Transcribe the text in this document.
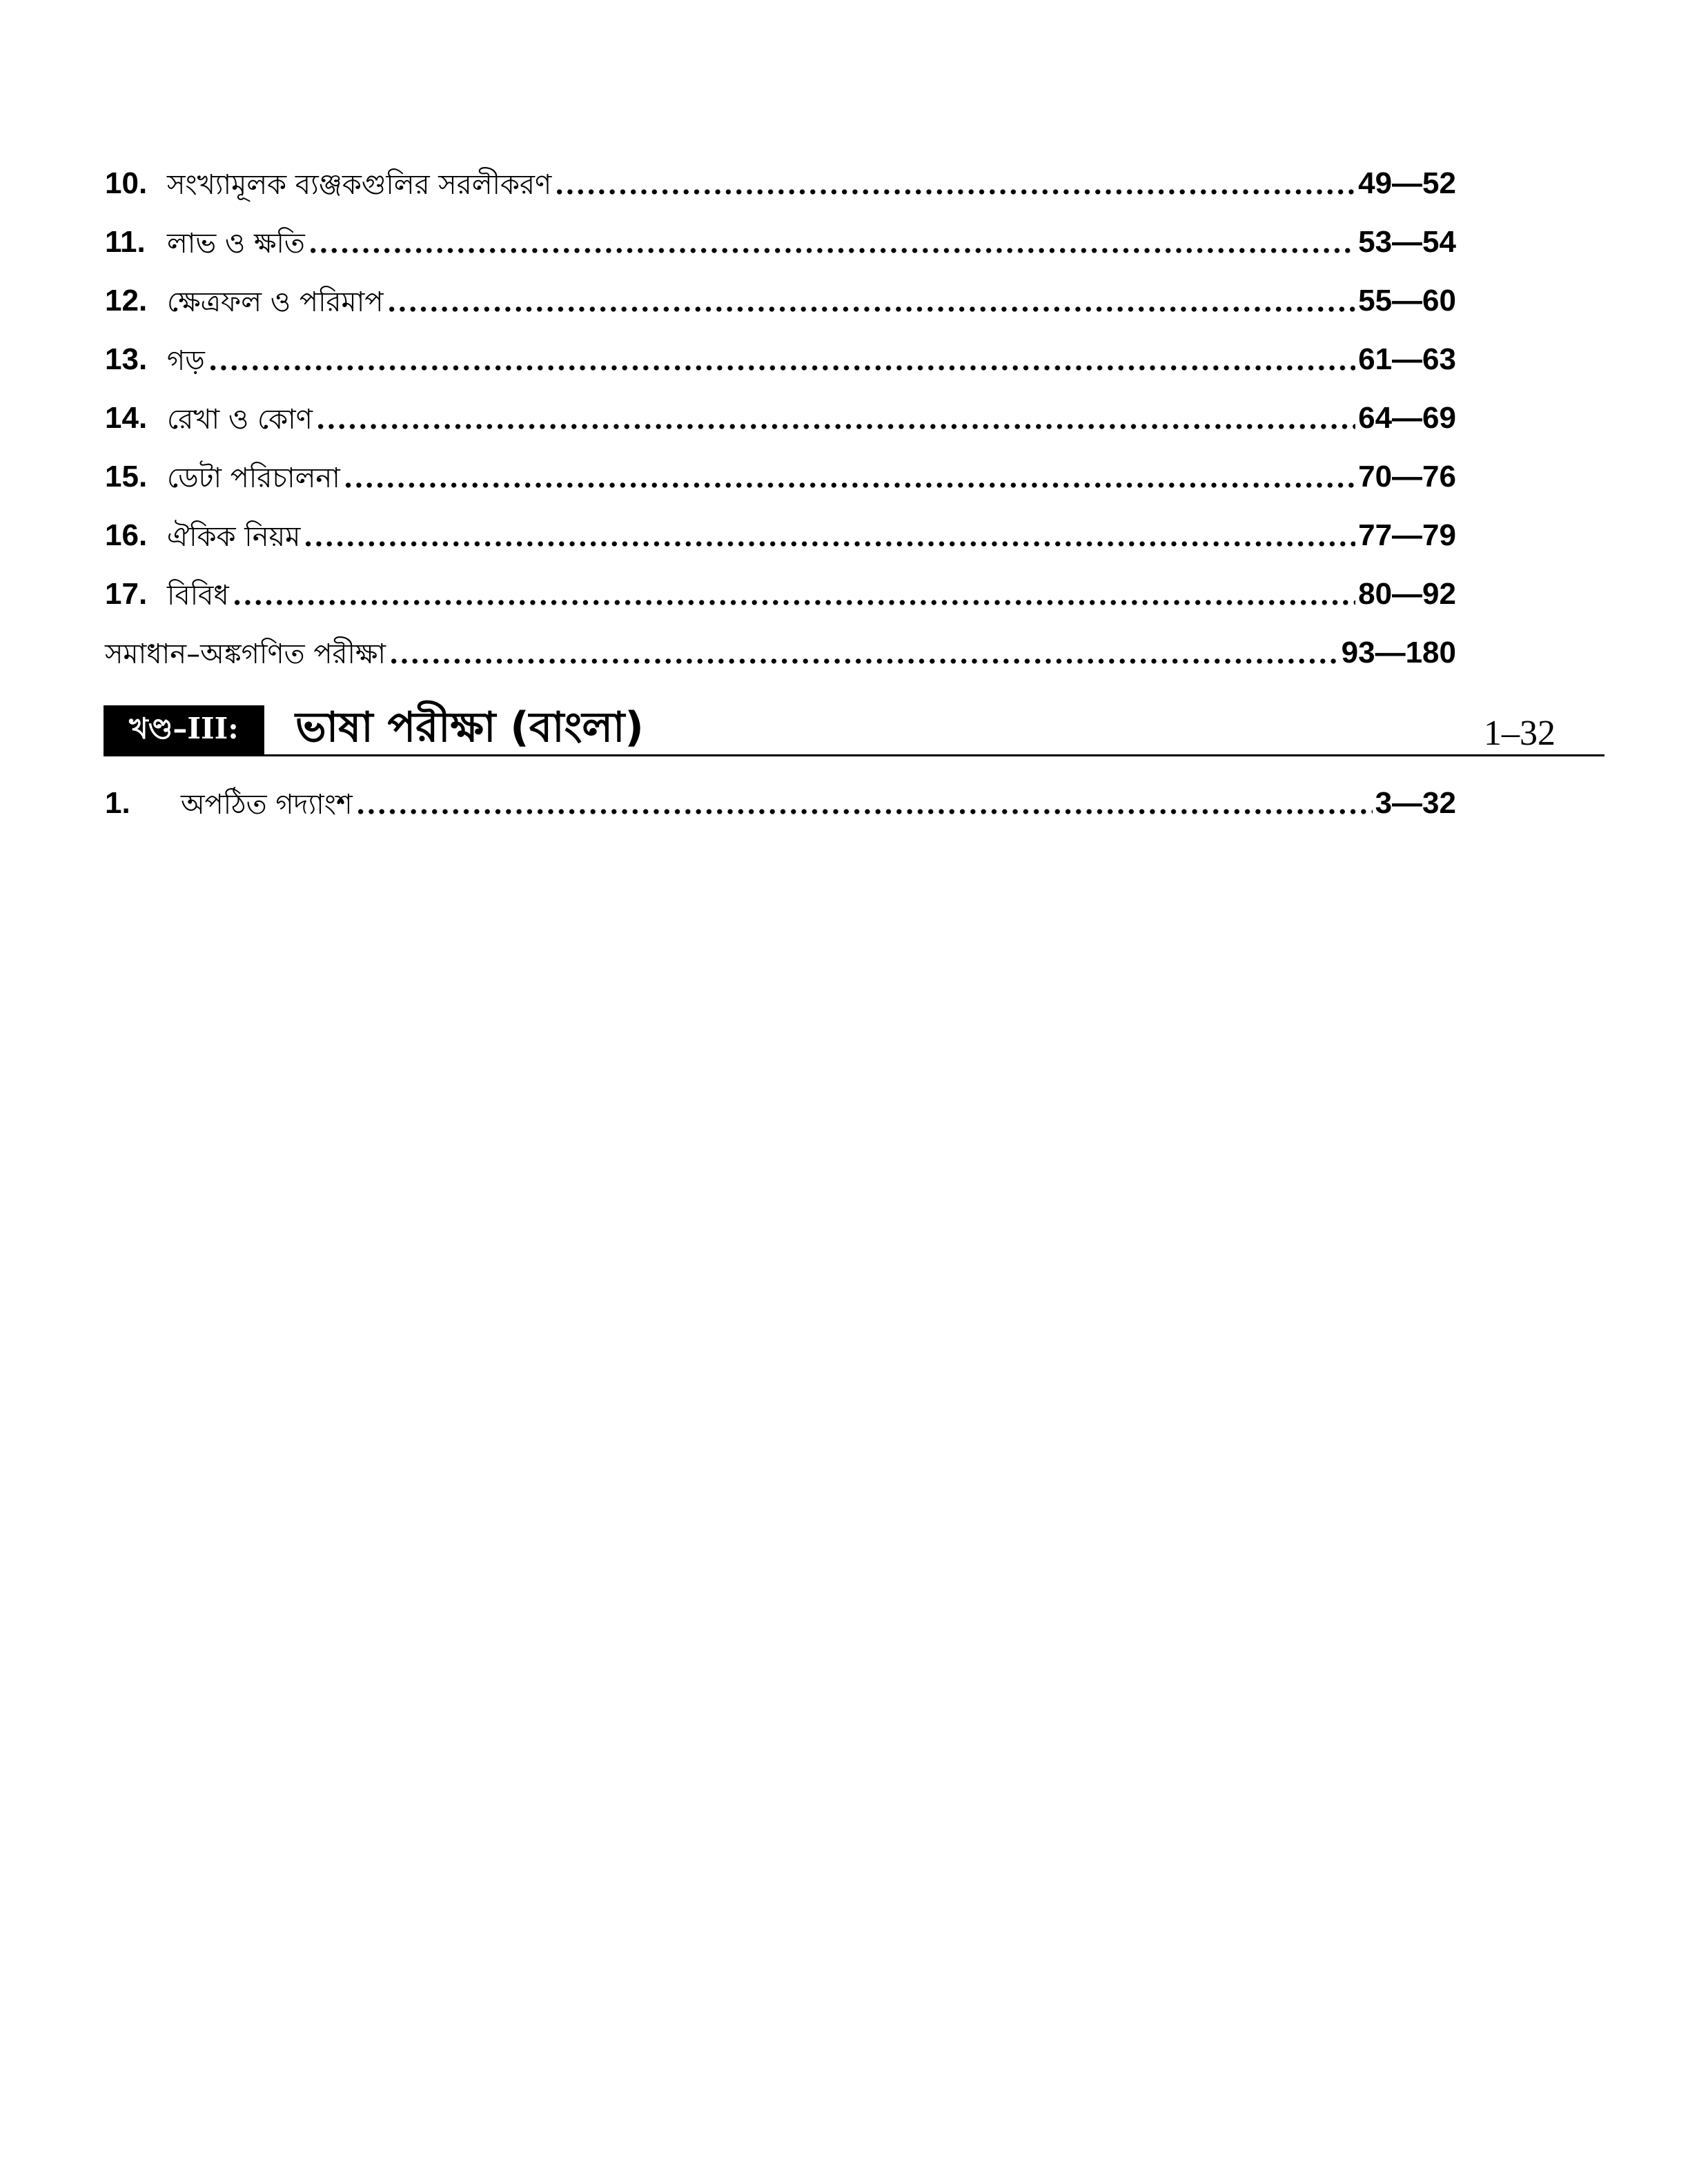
10. সংখ্যামূলক ব্যঞ্জকগুলির সরলীকরণ	49—52
11. লাভ ও ক্ষতি	53—54
12. ক্ষেত্রফল ও পরিমাপ	55—60
13. গড়	61—63
14. রেখা ও কোণ	64—69
15. ডেটা পরিচালনা	70—76
16. ঐকিক নিয়ম	77—79
17. বিবিধ	80—92
সমাধান–অঙ্কগণিত পরীক্ষা	93—180
খণ্ড–III:	ভাষা পরীক্ষা (বাংলা)	1–32
1.	অপঠিত গদ্যাংশ	3—32
